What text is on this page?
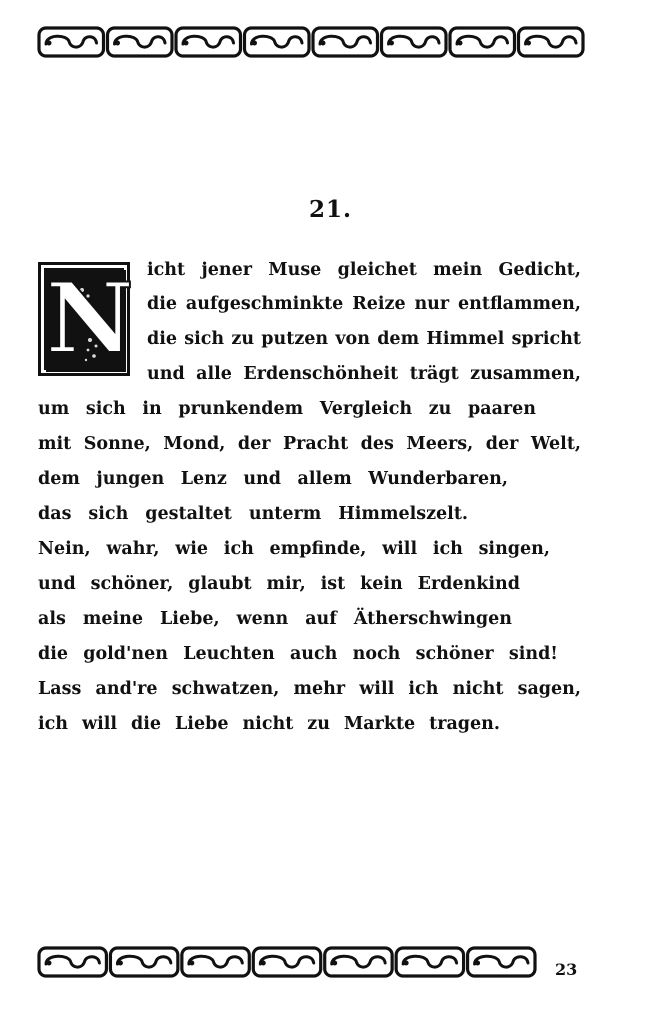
21.
N icht jener Muse gleichet mein Gedicht,
die aufgeschminkte Reize nur entflammen,
die sich zu putzen von dem Himmel spricht
und alle Erdenschönheit trägt zusammen,
um sich in prunkendem Vergleich zu paaren
mit Sonne, Mond, der Pracht des Meers, der Welt,
dem jungen Lenz und allem Wunderbaren,
das sich gestaltet unterm Himmelszelt.
Nein, wahr, wie ich empfinde, will ich singen,
und schöner, glaubt mir, ist kein Erdenkind
als meine Liebe, wenn auf Ätherschwingen
die gold'nen Leuchten auch noch schöner sind!
Lass and're schwatzen, mehr will ich nicht sagen,
ich will die Liebe nicht zu Markte tragen.
23
